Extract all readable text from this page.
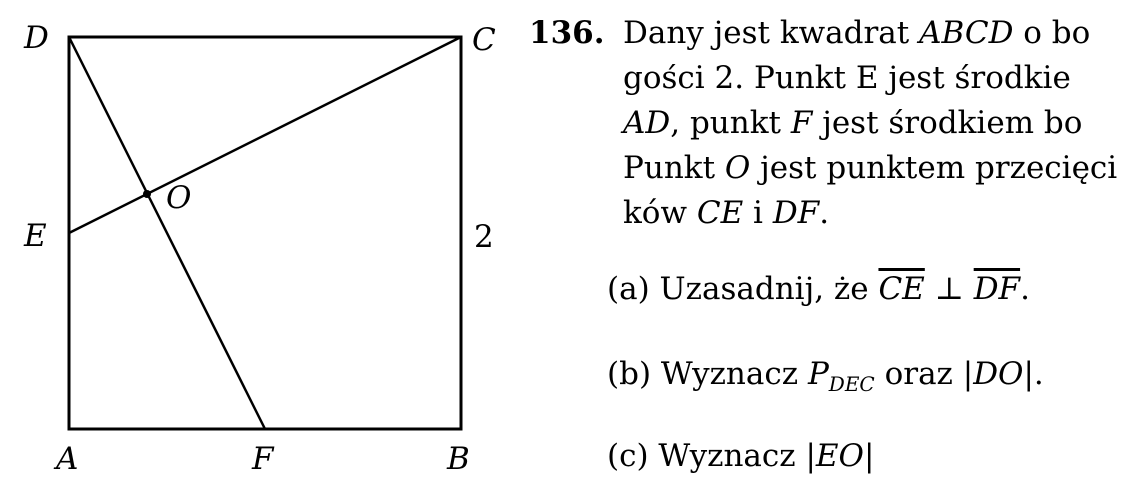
D	C
E
O
2
A	F	B
136. Dany jest kwadrat ABCD o bo
gości 2. Punkt E jest środkie
AD, punkt F jest środkiem bo
Punkt O jest punktem przecięci
ków CE i DF.
(a) Uzasadnij, że $\overline{CE}$ ⊥ $\overline{DF}$.
(b) Wyznacz $P_{DEC}$ oraz |DO|.
(c) Wyznacz |EO|
